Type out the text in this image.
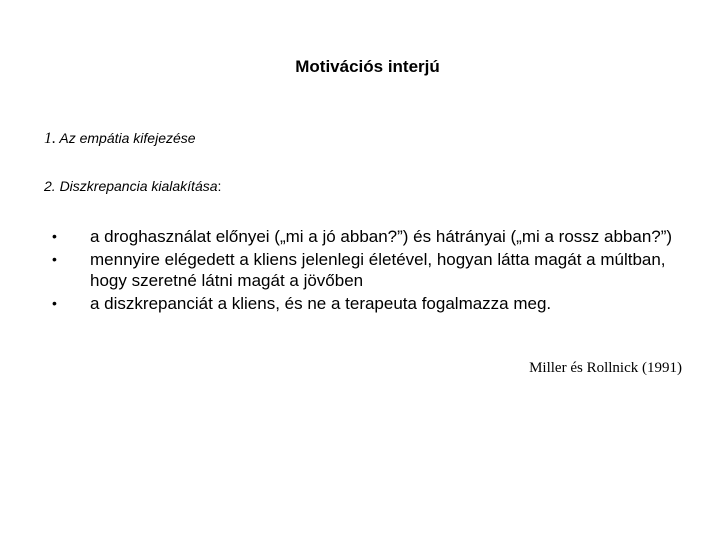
Motivációs interjú
1. Az empátia kifejezése
2. Diszkrepancia kialakítása:
•	a droghasználat előnyei („mi a jó abban?”) és hátrányai („mi a rossz abban?”)
•	mennyire elégedett a kliens jelenlegi életével, hogyan látta magát a múltban, hogy szeretné látni magát a jövőben
•	a diszkrepanciát a kliens, és ne a terapeuta fogalmazza meg.
Miller és Rollnick (1991)
